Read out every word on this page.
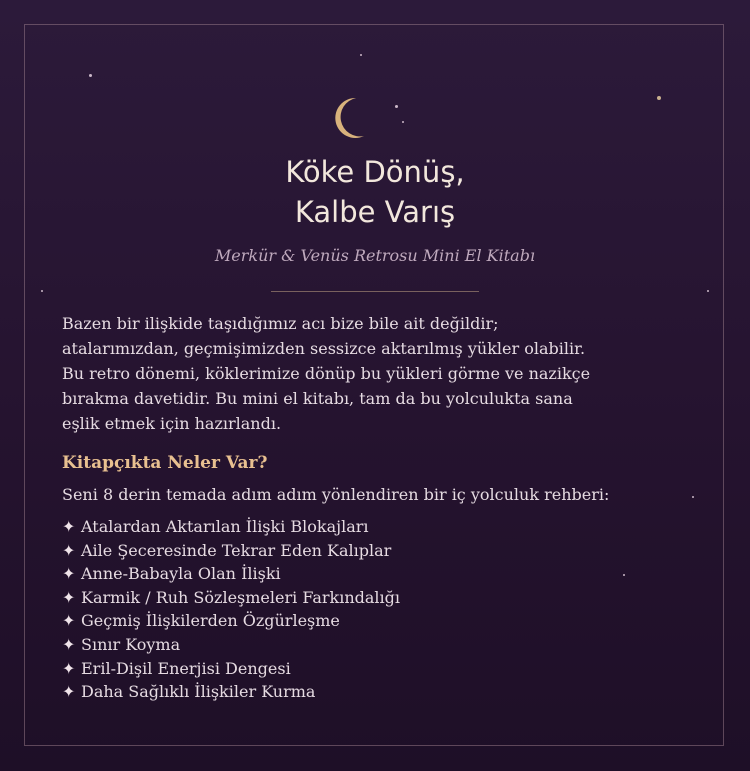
Köke Dönüş,
Kalbe Varış
Merkür & Venüs Retrosu Mini El Kitabı
Bazen bir ilişkide taşıdığımız acı bize bile ait değildir;
atalarımızdan, geçmişimizden sessizce aktarılmış yükler olabilir.
Bu retro dönemi, köklerimize dönüp bu yükleri görme ve nazikçe
bırakma davetidir. Bu mini el kitabı, tam da bu yolculukta sana
eşlik etmek için hazırlandı.
Kitapçıkta Neler Var?
Seni 8 derin temada adım adım yönlendiren bir iç yolculuk rehberi:
✦ Atalardan Aktarılan İlişki Blokajları
✦ Aile Şeceresinde Tekrar Eden Kalıplar
✦ Anne-Babayla Olan İlişki
✦ Karmik / Ruh Sözleşmeleri Farkındalığı
✦ Geçmiş İlişkilerden Özgürleşme
✦ Sınır Koyma
✦ Eril-Dişil Enerjisi Dengesi
✦ Daha Sağlıklı İlişkiler Kurma
